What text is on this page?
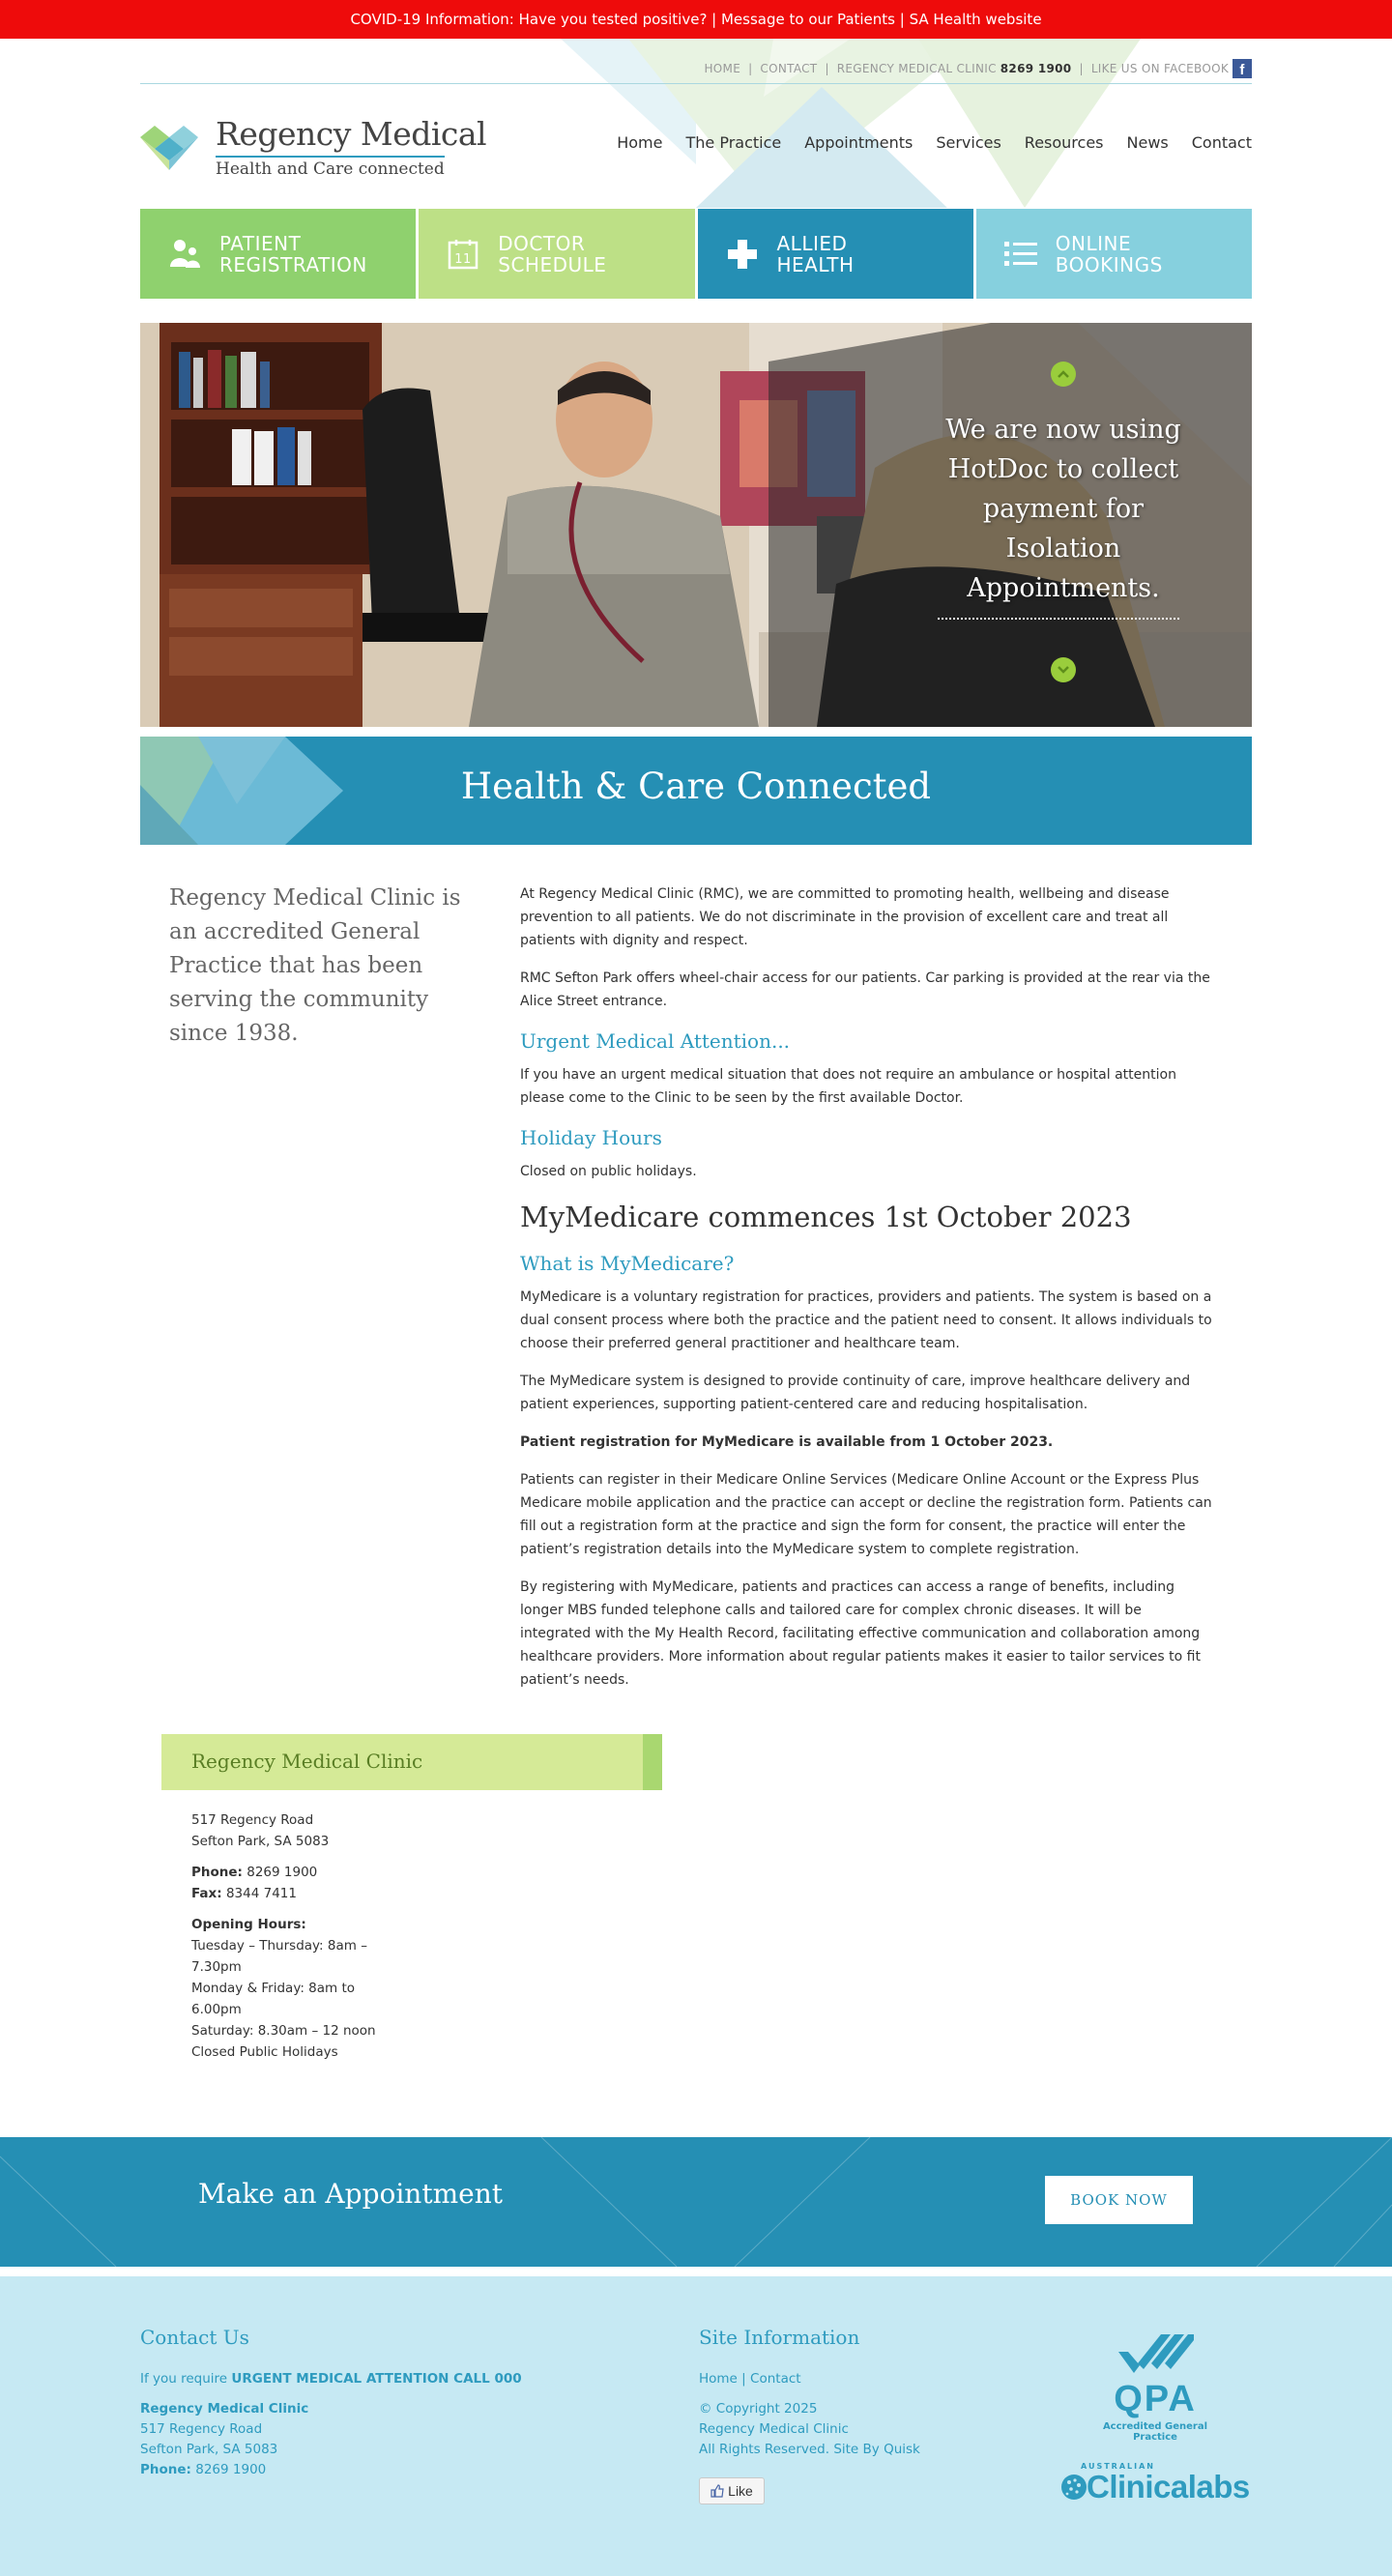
COVID-19 Information: Have you tested positive? | Message to our Patients | SA Health website
HOME | CONTACT | REGENCY MEDICAL CLINIC 8269 1900 | LIKE US ON FACEBOOK f
Regency Medical
Health and Care connected
Home The Practice Appointments Services Resources News Contact
PATIENT
REGISTRATION	11
DOCTOR
SCHEDULE
ALLIED
HEALTH
ONLINE
BOOKINGS
We are now using HotDoc to collect payment for Isolation Appointments.
Health & Care Connected
Regency Medical Clinic is an accredited General Practice that has been serving the community since 1938.

At Regency Medical Clinic (RMC), we are committed to promoting health, wellbeing and disease prevention to all patients. We do not discriminate in the provision of excellent care and treat all patients with dignity and respect.

RMC Sefton Park offers wheel-chair access for our patients. Car parking is provided at the rear via the Alice Street entrance.

Urgent Medical Attention...

If you have an urgent medical situation that does not require an ambulance or hospital attention please come to the Clinic to be seen by the first available Doctor.

Holiday Hours

Closed on public holidays.

MyMedicare commences 1st October 2023
What is MyMedicare?

MyMedicare is a voluntary registration for practices, providers and patients. The system is based on a dual consent process where both the practice and the patient need to consent. It allows individuals to choose their preferred general practitioner and healthcare team.

The MyMedicare system is designed to provide continuity of care, improve healthcare delivery and patient experiences, supporting patient-centered care and reducing hospitalisation.

Patient registration for MyMedicare is available from 1 October 2023.

Patients can register in their Medicare Online Services (Medicare Online Account or the Express Plus Medicare mobile application and the practice can accept or decline the registration form. Patients can fill out a registration form at the practice and sign the form for consent, the practice will enter the patient’s registration details into the MyMedicare system to complete registration.

By registering with MyMedicare, patients and practices can access a range of benefits, including longer MBS funded telephone calls and tailored care for complex chronic diseases. It will be integrated with the My Health Record, facilitating effective communication and collaboration among healthcare providers. More information about regular patients makes it easier to tailor services to fit patient’s needs.

Regency Medical Clinic
517 Regency Road
Sefton Park, SA 5083
Phone: 8269 1900
Fax: 8344 7411
Opening Hours:
Tuesday – Thursday: 8am – 7.30pm
Monday & Friday: 8am to 6.00pm
Saturday: 8.30am – 12 noon
Closed Public Holidays
Make an Appointment	BOOK NOW
Contact Us
If you require URGENT MEDICAL ATTENTION CALL 000
Regency Medical Clinic
517 Regency Road
Sefton Park, SA 5083
Phone: 8269 1900
Site Information
Home | Contact
© Copyright 2025
Regency Medical Clinic
All Rights Reserved. Site By Quisk
Like
QPA
Accredited General Practice
AUSTRALIAN
Clinicalabs
